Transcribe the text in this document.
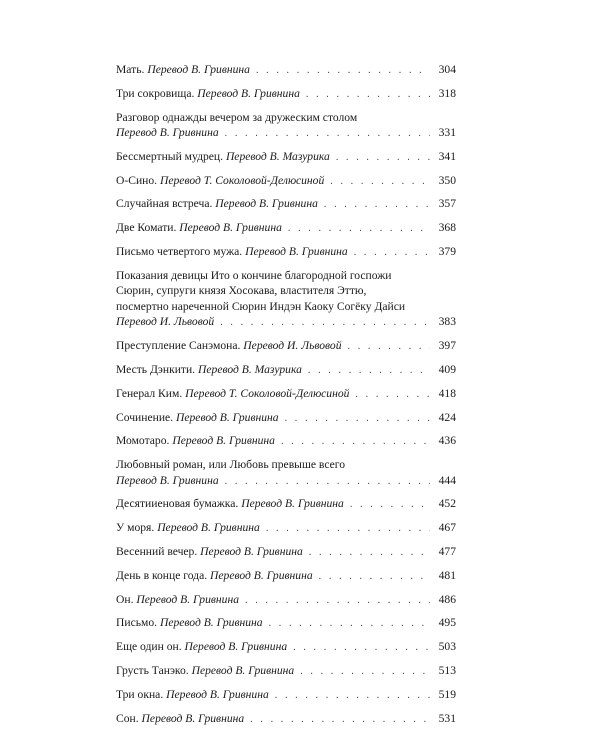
Мать. Перевод В. Гривнина . . .	304
Три сокровища. Перевод В. Гривнина . . .	318
Разговор однажды вечером за дружеским столом
Перевод В. Гривнина . . .	331
Бессмертный мудрец. Перевод В. Мазурика . . .	341
О-Сино. Перевод Т. Соколовой-Делюсиной . . .	350
Случайная встреча. Перевод В. Гривнина . . .	357
Две Комати. Перевод В. Гривнина . . .	368
Письмо четвертого мужа. Перевод В. Гривнина . . .	379
Показания девицы Ито о кончине благородной госпожи
Сюрин, супруги князя Хосокава, властителя Эттю,
посмертно нареченной Сюрин Индэн Каоку Согёку Дайси
Перевод И. Львовой . . .	383
Преступление Санэмона. Перевод И. Львовой . . .	397
Месть Дэнкити. Перевод В. Мазурика . . .	409
Генерал Ким. Перевод Т. Соколовой-Делюсиной . . .	418
Сочинение. Перевод В. Гривнина . . .	424
Момотаро. Перевод В. Гривнина . . .	436
Любовный роман, или Любовь превыше всего
Перевод В. Гривнина . . .	444
Десятииеновая бумажка. Перевод В. Гривнина . . .	452
У моря. Перевод В. Гривнина . . .	467
Весенний вечер. Перевод В. Гривнина . . .	477
День в конце года. Перевод В. Гривнина . . .	481
Он. Перевод В. Гривнина . . .	486
Письмо. Перевод В. Гривнина . . .	495
Еще один он. Перевод В. Гривнина . . .	503
Грусть Танэко. Перевод В. Гривнина . . .	513
Три окна. Перевод В. Гривнина . . .	519
Сон. Перевод В. Гривнина . . .	531
